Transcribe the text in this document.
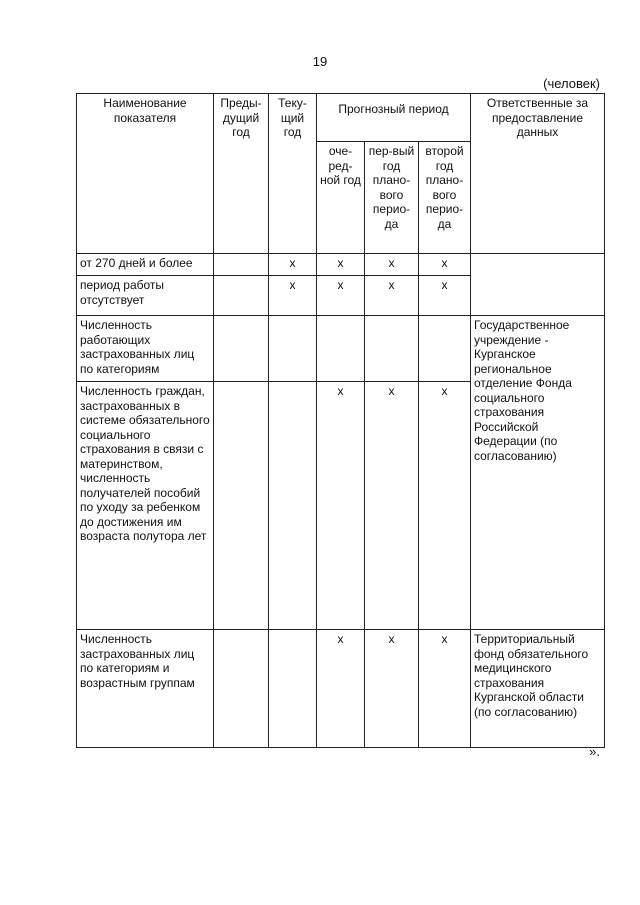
19
(человек)
Наименование показателя	Преды-дущий год	Теку-щий год	Прогнозный период			Ответственные за предоставление данных
			оче-ред-ной год	пер-вый год плано-вого перио-да	второй год плано-вого перио-да	
от 270 дней и более		х	х	х	х	
период работы отсутствует		х	х	х	х	
Численность работающих застрахованных лиц по категориям						Государственное учреждение - Курганское региональное отделение Фонда социального страхования Российской Федерации (по согласованию)
Численность граждан, застрахованных в системе обязательного социального страхования в связи с материнством, численность получателей пособий по уходу за ребенком до достижения им возраста полутора лет			х	х	х	
Численность застрахованных лиц по категориям и возрастным группам			х	х	х	Территориальный фонд обязательного медицинского страхования Курганской области (по согласованию)
».
